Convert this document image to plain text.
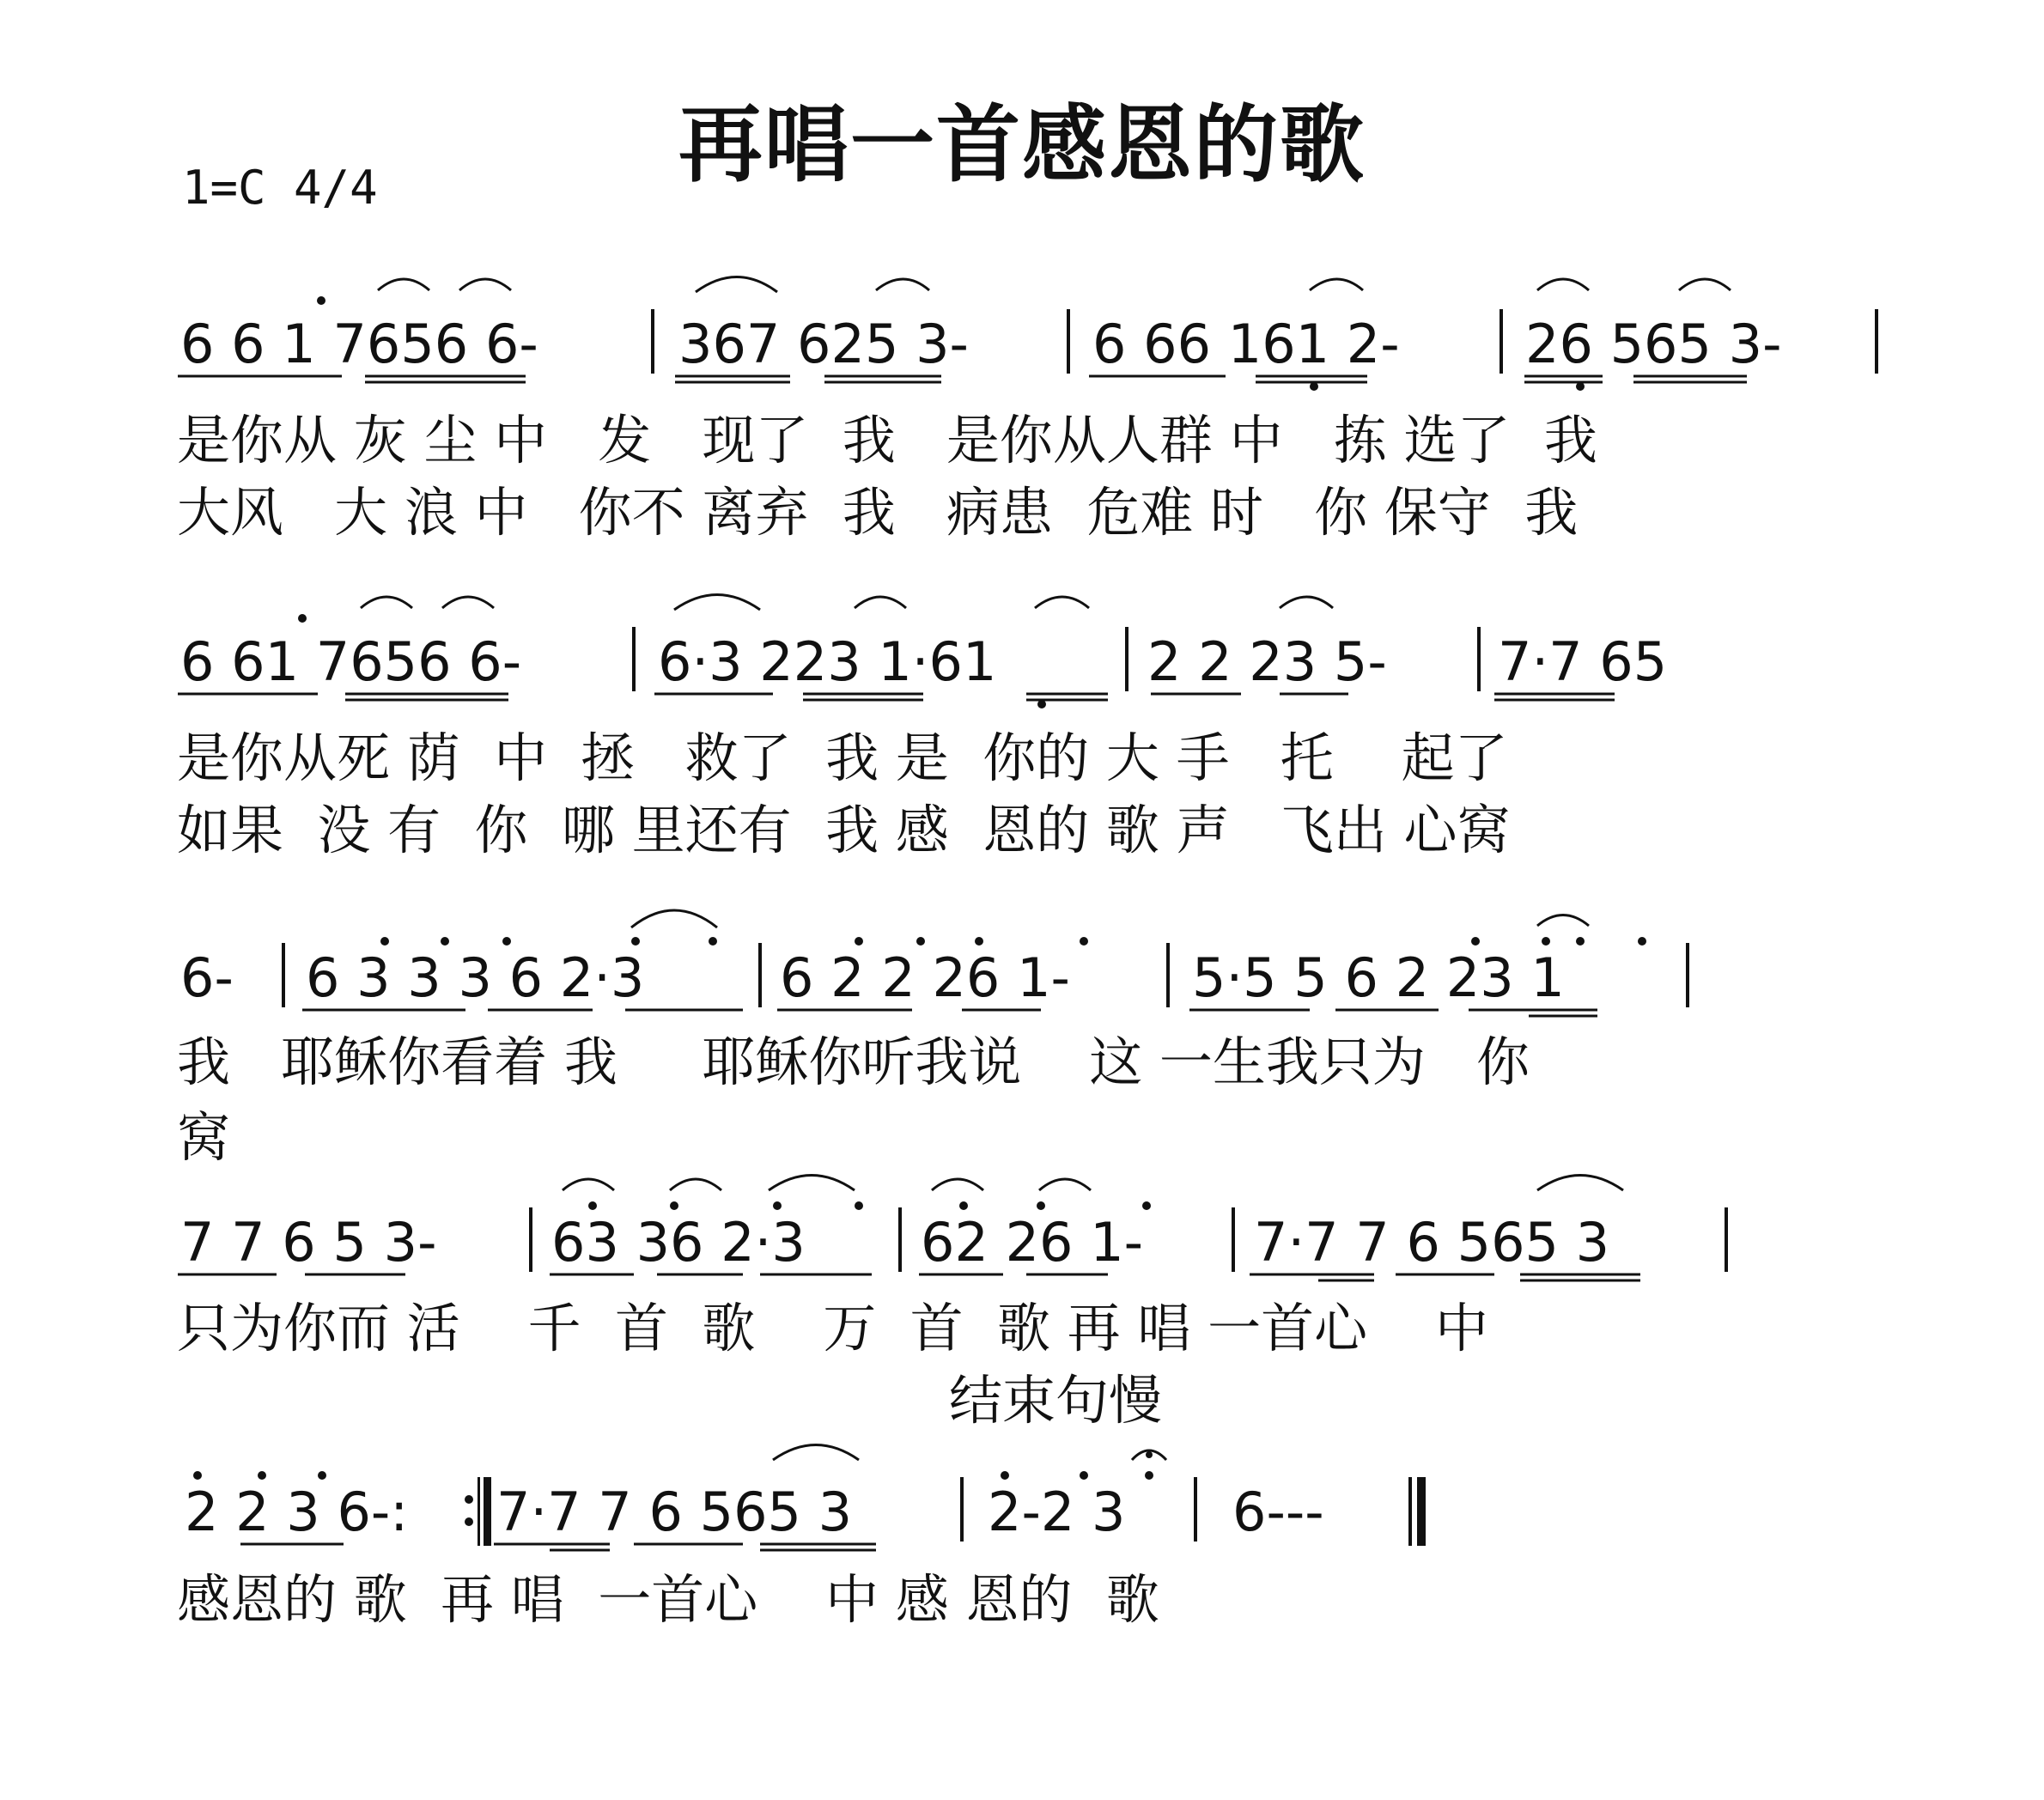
再唱一首感恩的歌
1=C 4/4
6 6 1 7656 6-	367 625 3- 6 66 161 2- 26 565 3-
是你从 灰 尘 中   发   现了  我   是你从人群 中   拣 选了  我
大风   大 浪 中   你不 离弃  我   病患  危难 时   你 保守  我
6 61 7656 6-	6·3 223 1·61	2 2 23 5- 7·7 65
是你从死 荫  中  拯   救了  我 是  你的 大 手   托    起了
如果  没 有  你  哪 里还有  我 感  恩的 歌 声   飞出 心窝
6- 6 3 3 3 6 2·3	6 2 2 26 1- 5·5 5 6 2 23 1
我   耶稣你看着 我     耶稣你听我说    这 一生我只为   你
窝
7 7 6 5 3- 63 36 2·3 62 26 1- 7·7 7 6 565 3
只为你而 活    千  首  歌    万  首  歌 再 唱 一首心    中
结束句慢
2 2 3 6-: 7·7 7 6 565 3	2-2 3 6---
感恩的 歌  再 唱  一首心    中 感 恩的  歌
